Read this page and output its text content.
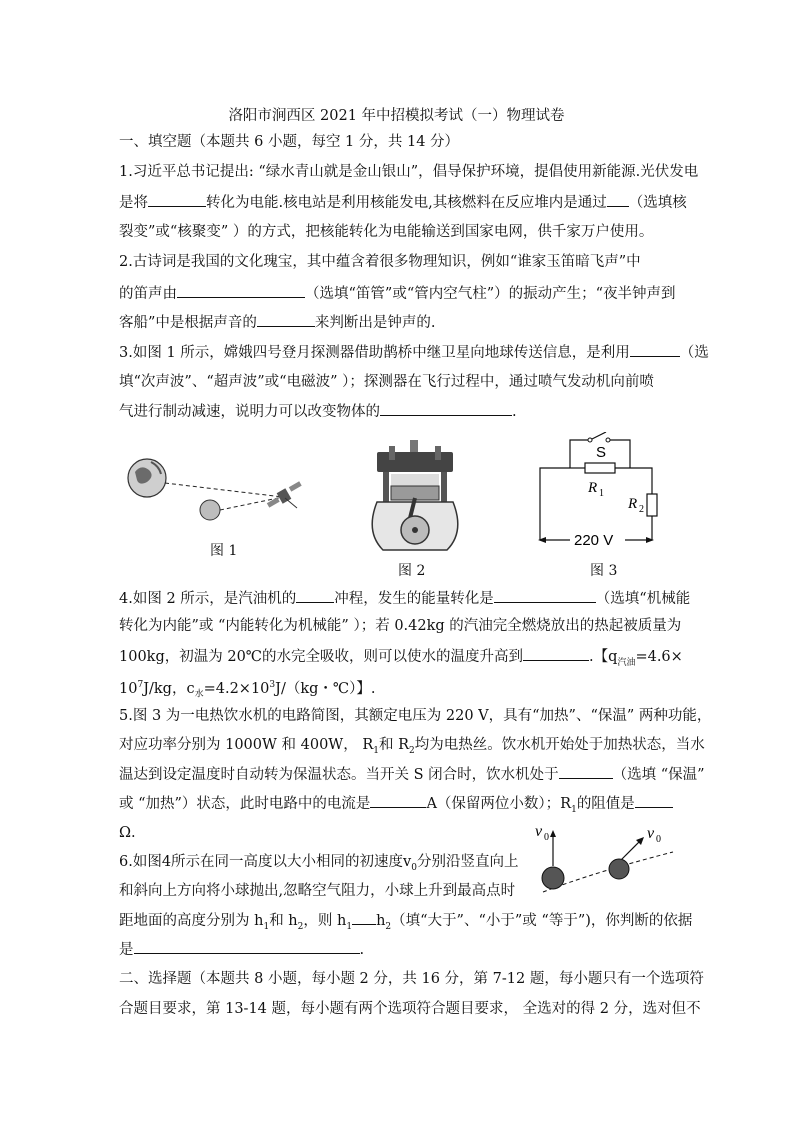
洛阳市涧西区 2021 年中招模拟考试（一）物理试卷
一、填空题（本题共 6 小题，每空 1 分，共 14 分）
1.习近平总书记提出: “绿水青山就是金山银山”，倡导保护环境，提倡使用新能源.光伏发电
是将	转化为电能.核电站是利用核能发电,其核燃料在反应堆内是通过 （选填核
裂变”或“核聚变” ）的方式，把核能转化为电能输送到国家电网，供千家万户使用。
2.古诗词是我国的文化瑰宝，其中蕴含着很多物理知识，例如“谁家玉笛暗飞声”中
的笛声由	（选填“笛管”或“管内空气柱”）的振动产生；“夜半钟声到
客船”中是根据声音的	来判断出是钟声的.
3.如图 1 所示，嫦娥四号登月探测器借助鹊桥中继卫星向地球传送信息，是利用	（选
填“次声波”、“超声波”或“电磁波” ）；探测器在飞行过程中，通过喷气发动机向前喷
气进行制动减速，说明力可以改变物体的	.
图 1
图 2
S
R 1
R 2
220 V
图 3
4.如图 2 所示，是汽油机的	冲程，发生的能量转化是	（选填“机械能
转化为内能”或 “内能转化为机械能” ）；若 0.42kg 的汽油完全燃烧放出的热起被质量为
100kg，初温为 20℃的水完全吸收，则可以使水的温度升高到	.【$q_{汽油}=4.6\times$
$10^7J/kg$，$c_水=4.2\times 10^3J/(kg$・℃）】.
5.图 3 为一电热饮水机的电路简图，其额定电压为 220 V，具有“加热”、“保温” 两种功能，
对应功率分别为 1000W 和 400W， $R_1$和 $R_2$均为电热丝。饮水机开始处于加热状态，当水
温达到设定温度时自动转为保温状态。当开关 S 闭合时，饮水机处于	（选填 “保温”
或 “加热”）状态，此时电路中的电流是	A（保留两位小数）；$R_1$的阻值是
Ω.	v 0	v 0
6.如图4所示在同一高度以大小相同的初速度$v_0$分别沿竖直向上
和斜向上方向将小球抛出,忽略空气阻力，小球上升到最高点时
距地面的高度分别为 $h_1$和 $h_2$，则 $h_1$ $h_2$（填“大于”、“小于”或 “等于”)，你判断的依据
是	.
二、选择题（本题共 8 小题，每小题 2 分，共 16 分，第 7-12 题，每小题只有一个选项符
合题目要求，第 13-14 题，每小题有两个选项符合题目要求， 全选对的得 2 分，选对但不
